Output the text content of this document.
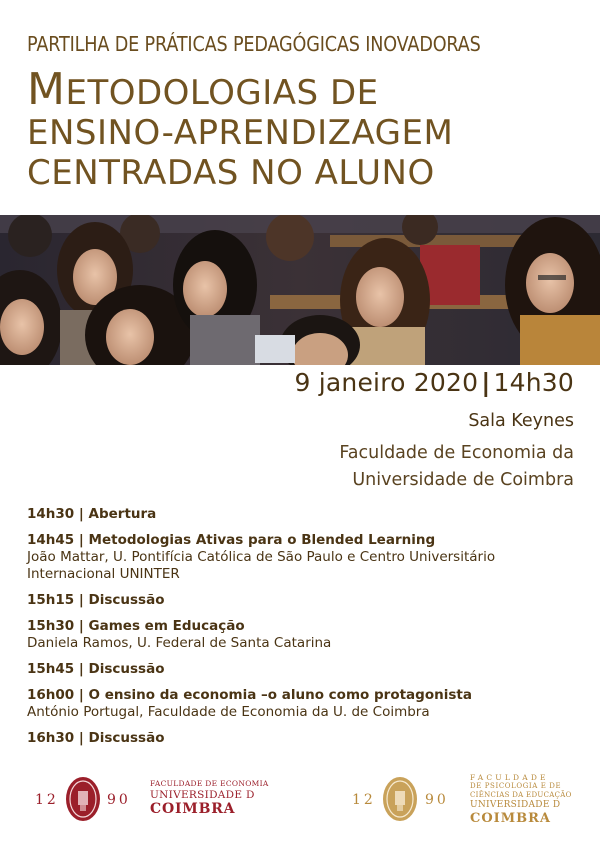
PARTILHA DE PRÁTICAS PEDAGÓGICAS INOVADORAS
METODOLOGIAS DE
ENSINO-APRENDIZAGEM
CENTRADAS NO ALUNO
9 janeiro 2020 | 14h30
Sala Keynes
Faculdade de Economia da
Universidade de Coimbra
14h30 | Abertura
14h45 | Metodologias Ativas para o Blended Learning
João Mattar, U. Pontifícia Católica de São Paulo e Centro Universitário Internacional UNINTER
15h15 | Discussão
15h30 | Games em Educação
Daniela Ramos, U. Federal de Santa Catarina
15h45 | Discussão
16h00 | O ensino da economia –o aluno como protagonista
António Portugal, Faculdade de Economia da U. de Coimbra
16h30 | Discussão
12	90
FACULDADE DE ECONOMIA
UNIVERSIDADE D
COIMBRA
12	90
FACULDADE
DE PSICOLOGIA E DE
CIÊNCIAS DA EDUCAÇÃO
UNIVERSIDADE D
COIMBRA
